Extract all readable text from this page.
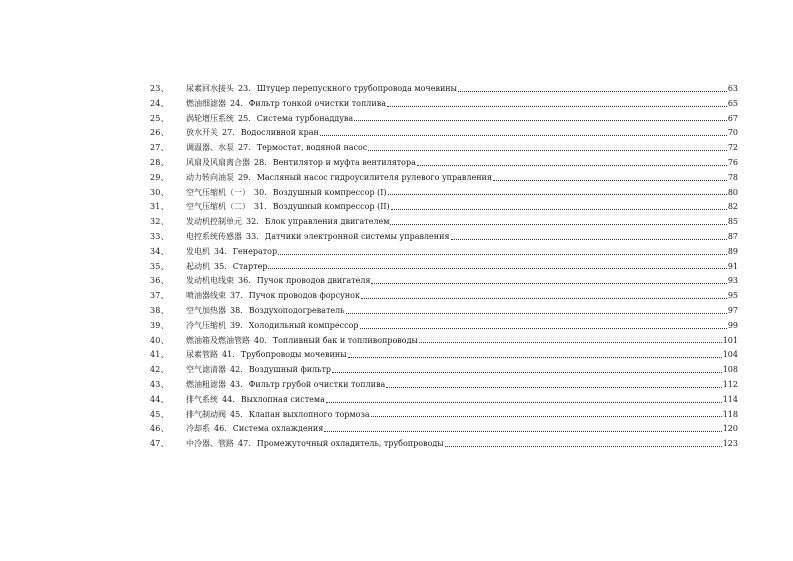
23、	尿素回水接头 23. Штуцер перепускного трубопровода мочевины	63
24、	燃油细滤器 24. Фильтр тонкой очистки топлива	65
25、	涡轮增压系统 25. Система турбонаддува	67
26、	放水开关 27. Водосливной кран	70
27、	调温器、水泵 27. Термостат, водяной насос	72
28、	风扇及风扇离合器 28. Вентилятор и муфта вентилятора	76
29、	动力转向油泵 29. Масляный насос гидроусилителя рулевого управления	78
30、	空气压缩机（一） 30. Воздушный компрессор (I)	80
31、	空气压缩机（二） 31. Воздушный компрессор (II)	82
32、	发动机控制单元 32. Блок управления двигателем	85
33、	电控系统传感器 33. Датчики электронной системы управления	87
34、	发电机 34. Генератор	89
35、	起动机 35. Стартер	91
36、	发动机电线束 36. Пучок проводов двигателя	93
37、	喷油器线束 37. Пучок проводов форсунок	95
38、	空气加热器 38. Воздухоподогреватель	97
39、	冷气压缩机 39. Холодильный компрессор	99
40、	燃油箱及燃油管路 40. Топливный бак и топливопроводы	101
41、	尿素管路 41. Трубопроводы мочевины	104
42、	空气滤清器 42. Воздушный фильтр	108
43、	燃油粗滤器 43. Фильтр грубой очистки топлива	112
44、	排气系统 44. Выхлопная система	114
45、	排气制动阀 45. Клапан выхлопного тормоза	118
46、	冷却系 46. Система охлаждения	120
47、	中冷器、管路 47. Промежуточный охладитель, трубопроводы	123
